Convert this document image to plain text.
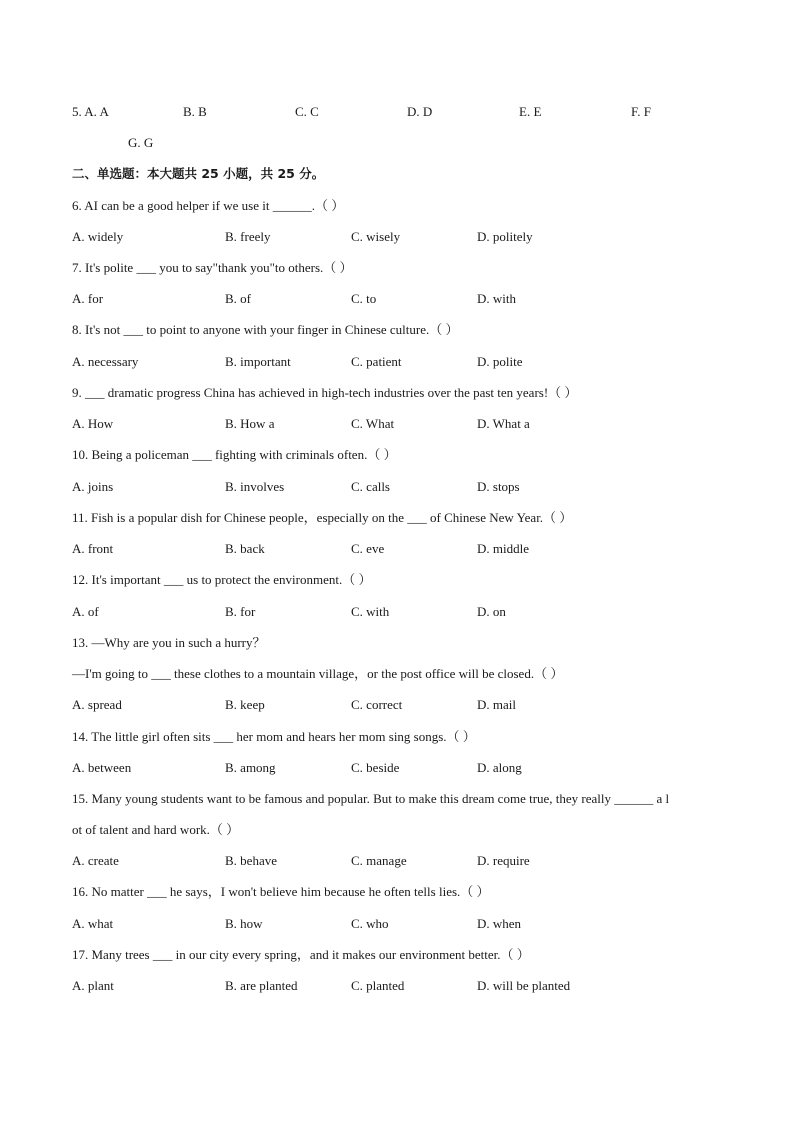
5. A. A	B. B	C. C	D. D	E. E	F. F
G. G
二、单选题：本大题共 25 小题，共 25 分。
6. AI can be a good helper if we use it ______.（ ）
A. widely	B. freely	C. wisely	D. politely
7. It's polite ___ you to say"thank you"to others.（ ）
A. for	B. of	C. to	D. with
8. It's not ___ to point to anyone with your finger in Chinese culture.（ ）
A. necessary	B. important	C. patient	D. polite
9. ___ dramatic progress China has achieved in high-tech industries over the past ten years!（ ）
A. How	B. How a	C. What	D. What a
10. Being a policeman ___ fighting with criminals often.（ ）
A. joins	B. involves	C. calls	D. stops
11. Fish is a popular dish for Chinese people，especially on the ___ of Chinese New Year.（ ）
A. front	B. back	C. eve	D. middle
12. It's important ___ us to protect the environment.（ ）
A. of	B. for	C. with	D. on
13. —Why are you in such a hurry？
—I'm going to ___ these clothes to a mountain village，or the post office will be closed.（ ）
A. spread	B. keep	C. correct	D. mail
14. The little girl often sits ___ her mom and hears her mom sing songs.（ ）
A. between	B. among	C. beside	D. along
15. Many young students want to be famous and popular. But to make this dream come true, they really ______ a l
ot of talent and hard work.（ ）
A. create	B. behave	C. manage	D. require
16. No matter ___ he says，I won't believe him because he often tells lies.（ ）
A. what	B. how	C. who	D. when
17. Many trees ___ in our city every spring，and it makes our environment better.（ ）
A. plant	B. are planted	C. planted	D. will be planted
